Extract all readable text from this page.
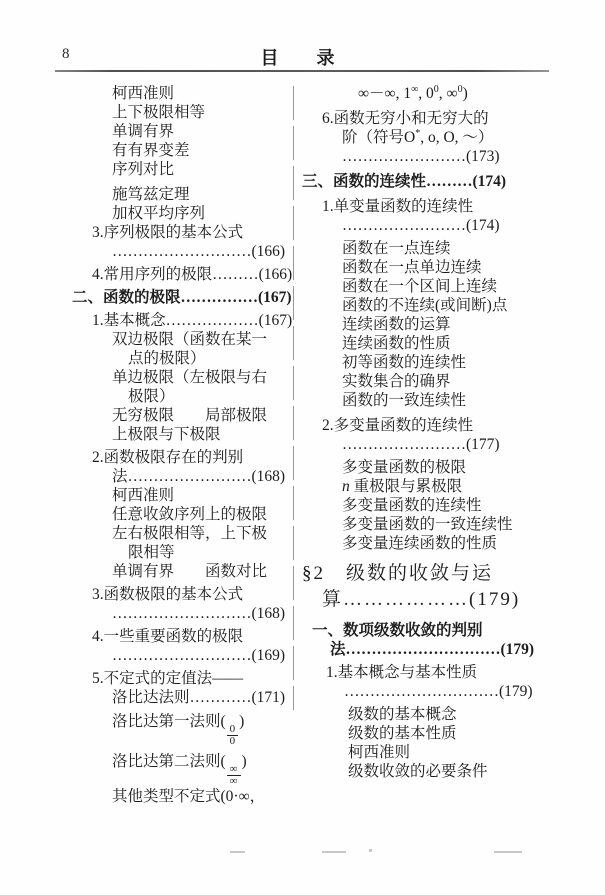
8	目　录
柯西准则
上下极限相等
单调有界
有有界变差
序列对比
施笃兹定理
加权平均序列
3.序列极限的基本公式
………………………(166)
4.常用序列的极限………(166)
二、函数的极限……………(167)
1.基本概念………………(167)
双边极限（函数在某一
点的极限）
单边极限（左极限与右
极限）
无穷极限　　局部极限
上极限与下极限
2.函数极限存在的判别
法……………………(168)
柯西准则
任意收敛序列上的极限
左右极限相等，上下极
限相等
单调有界　　函数对比
3.函数极限的基本公式
………………………(168)
4.一些重要函数的极限
………………………(169)
5.不定式的定值法——
洛比达法则…………(171)
洛比达第一法则(
$\frac{0}{0}$
)
洛比达第二法则(
$\frac{\infty}{\infty}$
)
其他类型不定式(0·∞，
∞－∞, 1∞, $0^0$, ∞$^0$)
6.函数无穷小和无穷大的
阶（符号O*, o, O, ～）
……………………(173)
三、函数的连续性………(174)
1.单变量函数的连续性
……………………(174)
函数在一点连续
函数在一点单边连续
函数在一个区间上连续
函数的不连续(或间断)点
连续函数的运算
连续函数的性质
初等函数的连续性
实数集合的确界
函数的一致连续性
2.多变量函数的连续性
……………………(177)
多变量函数的极限
n 重极限与累极限
多变量函数的连续性
多变量函数的一致连续性
多变量连续函数的性质
§2　级数的收敛与运
算………………(179)
一、数项级数收敛的判别
法…………………………(179)
1.基本概念与基本性质
…………………………(179)
级数的基本概念
级数的基本性质
柯西准则
级数收敛的必要条件
